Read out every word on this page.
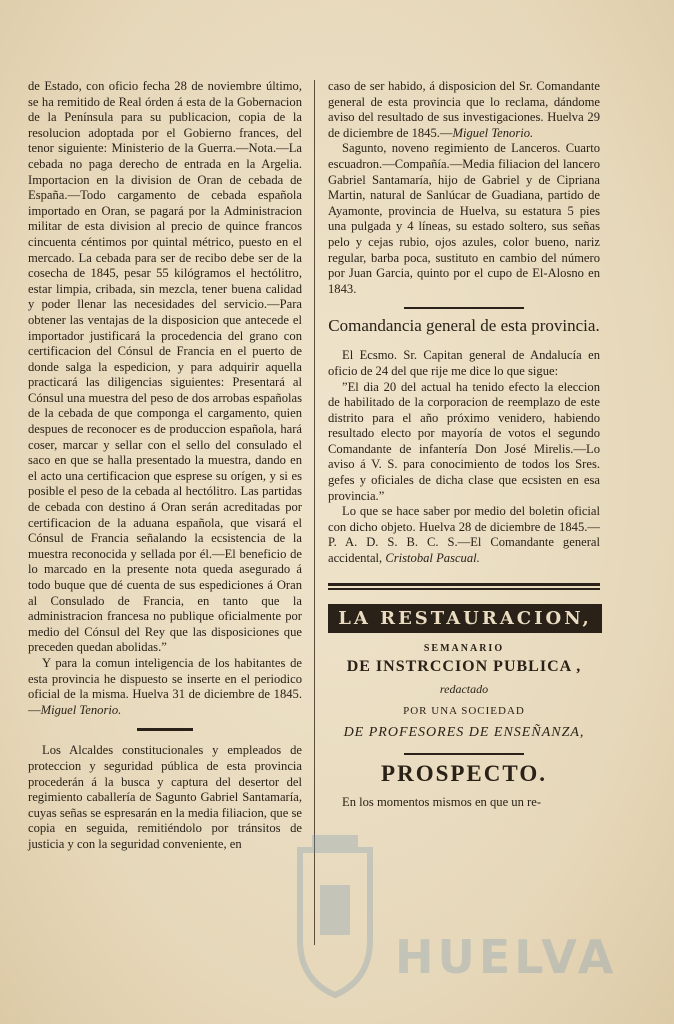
de Estado, con oficio fecha 28 de noviembre último, se ha remitido de Real órden á esta de la Gobernacion de la Península para su publicacion, copia de la resolucion adoptada por el Gobierno frances, del tenor siguiente: Ministerio de la Guerra.—Nota.—La cebada no paga derecho de entrada en la Argelia. Importacion en la division de Oran de cebada de España.—Todo cargamento de cebada española importado en Oran, se pagará por la Administracion militar de esta division al precio de quince francos cincuenta céntimos por quintal métrico, puesto en el mercado. La cebada para ser de recibo debe ser de la cosecha de 1845, pesar 55 kilógramos el hectólitro, estar limpia, cribada, sin mezcla, tener buena calidad y poder llenar las necesidades del servicio.—Para obtener las ventajas de la disposicion que antecede el importador justificará la procedencia del grano con certificacion del Cónsul de Francia en el puerto de donde salga la espedicion, y para adquirir aquella practicará las diligencias siguientes: Presentará al Cónsul una muestra del peso de dos arrobas españolas de la cebada de que componga el cargamento, quien despues de reconocer es de produccion española, hará coser, marcar y sellar con el sello del consulado el saco en que se halla presentado la muestra, dando en el acto una certificacion que esprese su orígen, y si es posible el peso de la cebada al hectólitro. Las partidas de cebada con destino á Oran serán acreditadas por certificacion de la aduana española, que visará el Cónsul de Francia señalando la ecsistencia de la muestra reconocida y sellada por él.—El beneficio de lo marcado en la presente nota queda asegurado á todo buque que dé cuenta de sus espediciones á Oran al Consulado de Francia, en tanto que la administracion francesa no publique oficialmente por medio del Cónsul del Rey que las disposiciones que preceden quedan abolidas.”

Y para la comun inteligencia de los habitantes de esta provincia he dispuesto se inserte en el periodico oficial de la misma. Huelva 31 de diciembre de 1845.—Miguel Tenorio.

Los Alcaldes constitucionales y empleados de proteccion y seguridad pública de esta provincia procederán á la busca y captura del desertor del regimiento caballería de Sagunto Gabriel Santamaría, cuyas señas se espresarán en la media filiacion, que se copia en seguida, remitiéndolo por tránsitos de justicia y con la seguridad conveniente, en

caso de ser habido, á disposicion del Sr. Comandante general de esta provincia que lo reclama, dándome aviso del resultado de sus investigaciones. Huelva 29 de diciembre de 1845.—Miguel Tenorio.

Sagunto, noveno regimiento de Lanceros. Cuarto escuadron.—Compañía.—Media filiacion del lancero Gabriel Santamaría, hijo de Gabriel y de Cipriana Martin, natural de Sanlúcar de Guadiana, partido de Ayamonte, provincia de Huelva, su estatura 5 pies una pulgada y 4 líneas, su estado soltero, sus señas pelo y cejas rubio, ojos azules, color bueno, nariz regular, barba poca, sustituto en cambio del número por Juan Garcia, quinto por el cupo de El-Alosno en 1843.

Comandancia general de esta provincia.

El Ecsmo. Sr. Capitan general de Andalucía en oficio de 24 del que rije me dice lo que sigue:

”El dia 20 del actual ha tenido efecto la eleccion de habilitado de la corporacion de reemplazo de este distrito para el año próximo venidero, habiendo resultado electo por mayoría de votos el segundo Comandante de infantería Don José Mirelis.—Lo aviso á V. S. para conocimiento de todos los Sres. gefes y oficiales de dicha clase que ecsisten en esa provincia.”

Lo que se hace saber por medio del boletin oficial con dicho objeto. Huelva 28 de diciembre de 1845.—P. A. D. S. B. C. S.—El Comandante general accidental, Cristobal Pascual.

LA RESTAURACION,
SEMANARIO
DE INSTRCCION PUBLICA ,
redactado
POR UNA SOCIEDAD
DE PROFESORES DE ENSEÑANZA,
PROSPECTO.

En los momentos mismos en que un re-

HUELVA
